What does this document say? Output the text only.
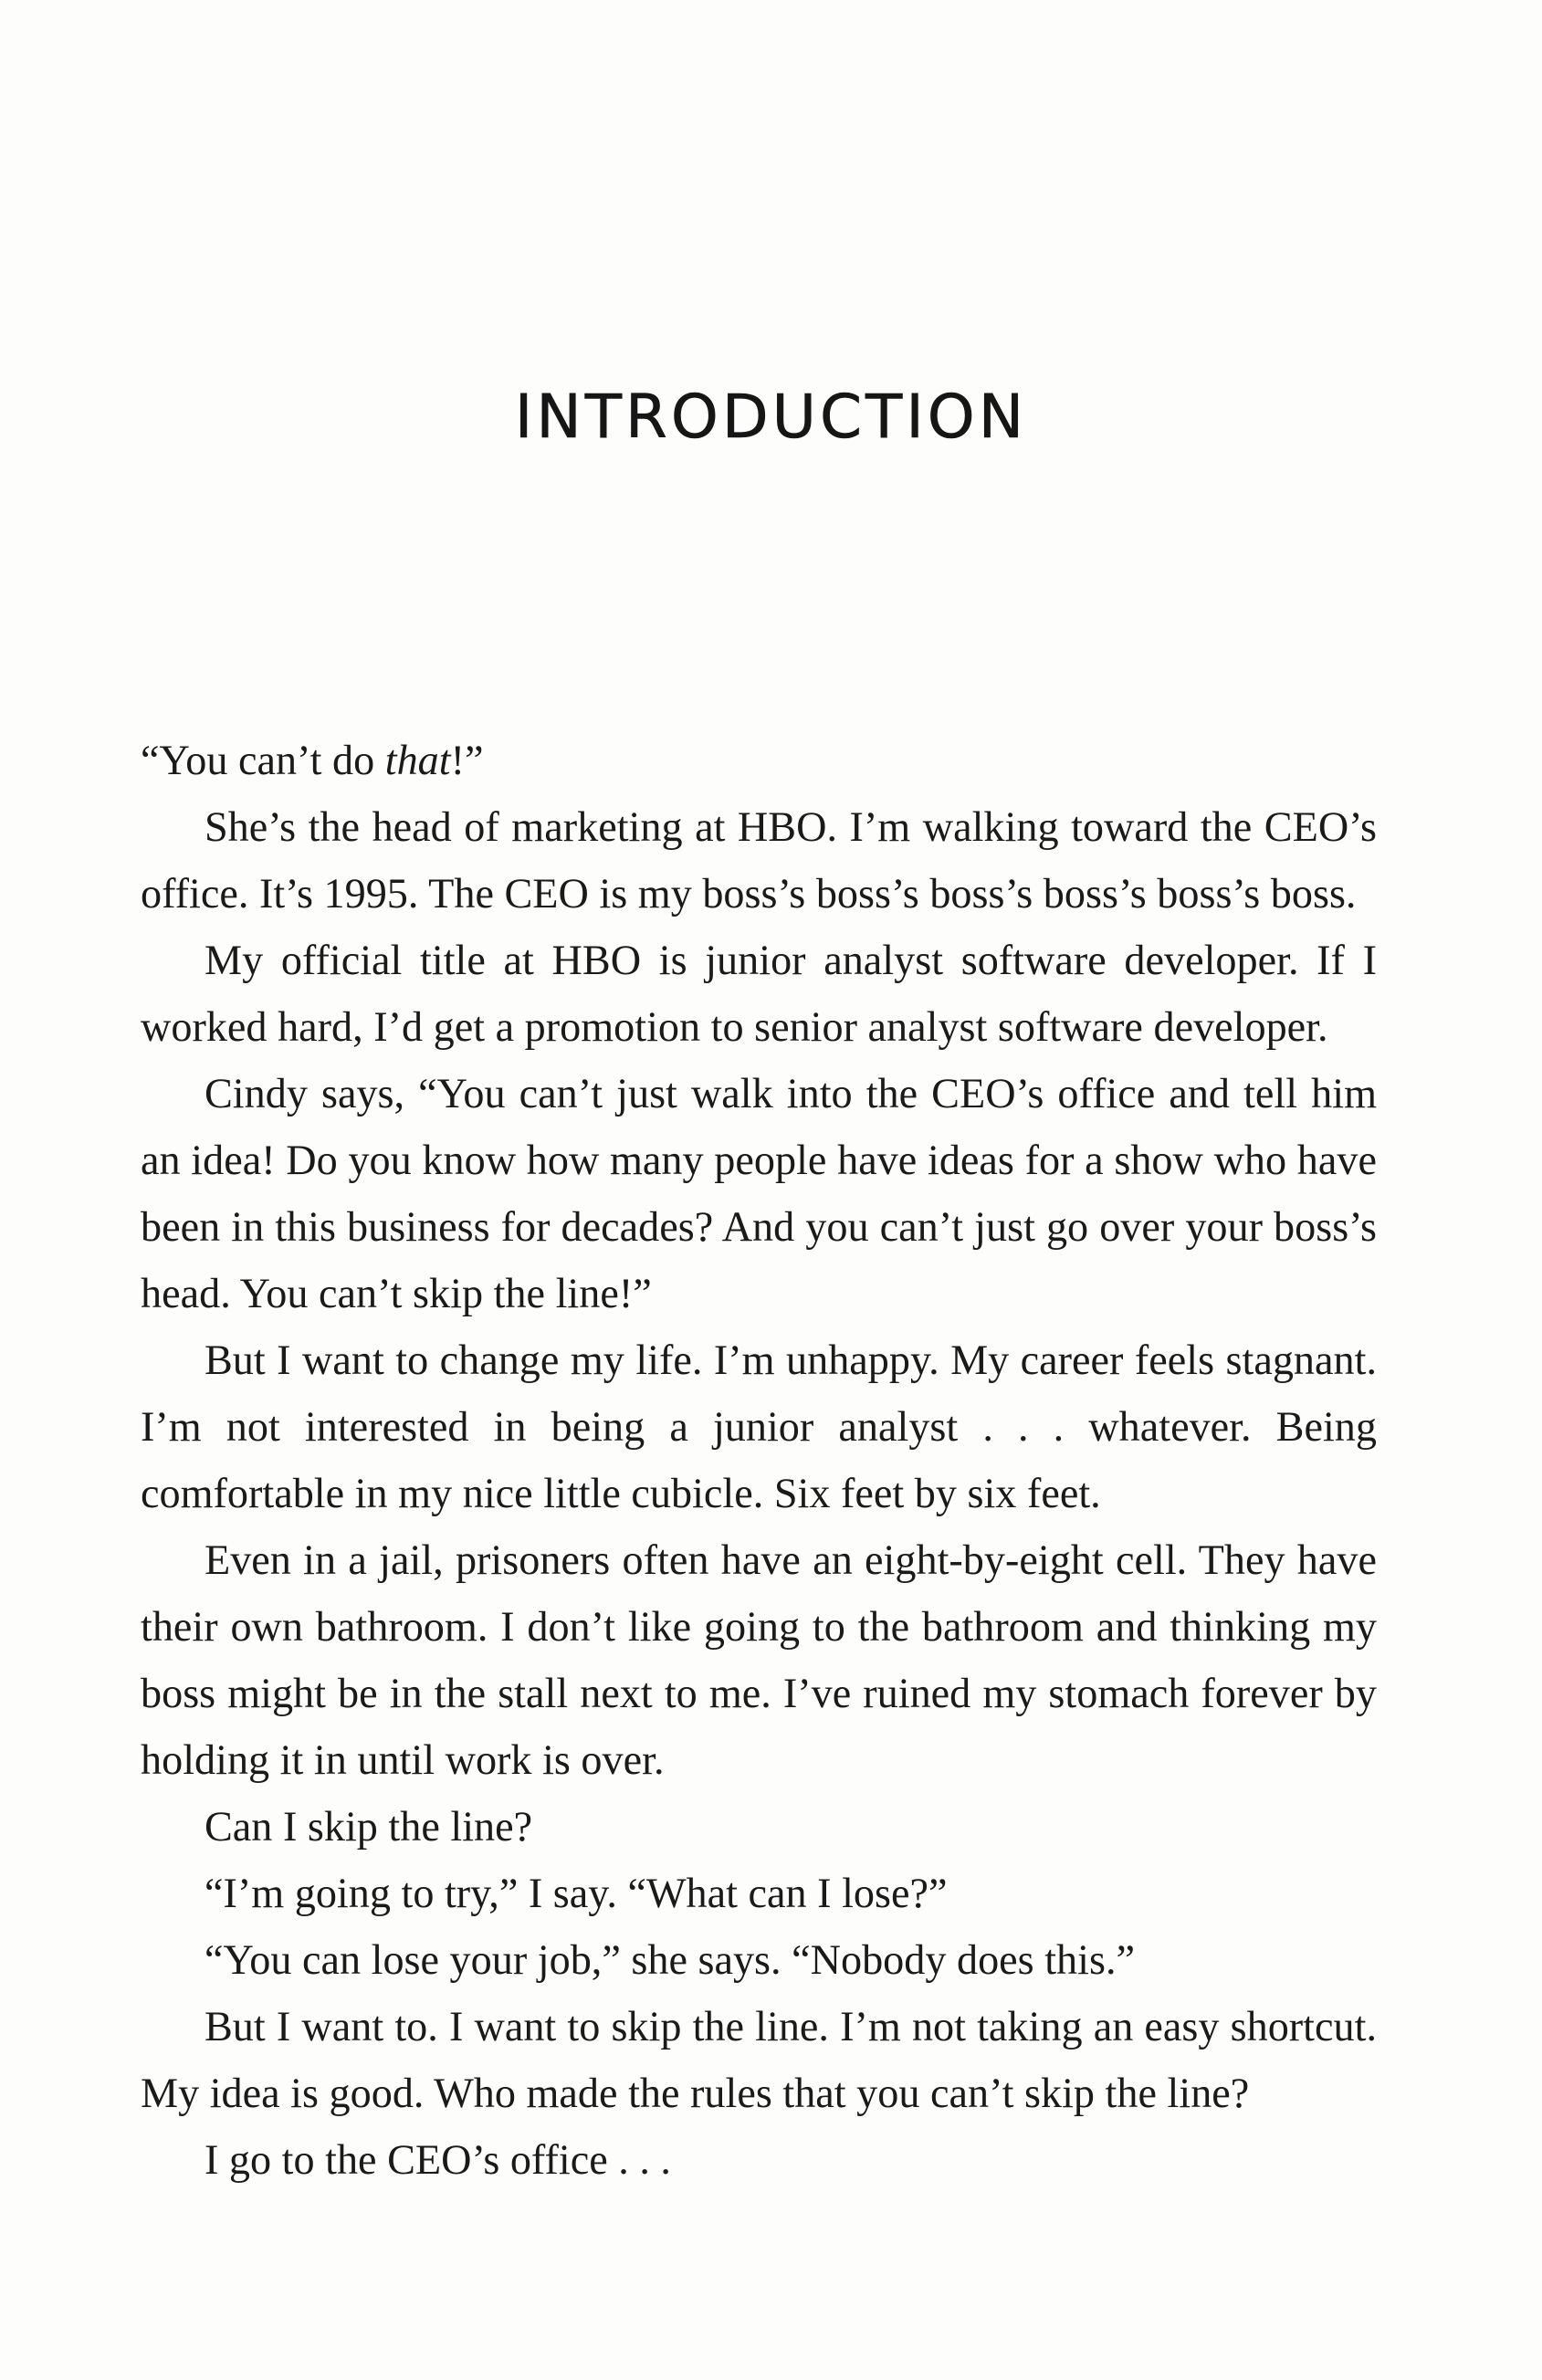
INTRODUCTION

“You can’t do that!”

She’s the head of marketing at HBO. I’m walking toward the CEO’s office. It’s 1995. The CEO is my boss’s boss’s boss’s boss’s boss’s boss.

My official title at HBO is junior analyst software developer. If I worked hard, I’d get a promotion to senior analyst software developer.

Cindy says, “You can’t just walk into the CEO’s office and tell him an idea! Do you know how many people have ideas for a show who have been in this business for decades? And you can’t just go over your boss’s head. You can’t skip the line!”

But I want to change my life. I’m unhappy. My career feels stagnant. I’m not interested in being a junior analyst . . . whatever. Being comfortable in my nice little cubicle. Six feet by six feet.

Even in a jail, prisoners often have an eight-by-eight cell. They have their own bathroom. I don’t like going to the bathroom and thinking my boss might be in the stall next to me. I’ve ruined my stomach forever by holding it in until work is over.

Can I skip the line?

“I’m going to try,” I say. “What can I lose?”

“You can lose your job,” she says. “Nobody does this.”

But I want to. I want to skip the line. I’m not taking an easy shortcut. My idea is good. Who made the rules that you can’t skip the line?

I go to the CEO’s office . . .
